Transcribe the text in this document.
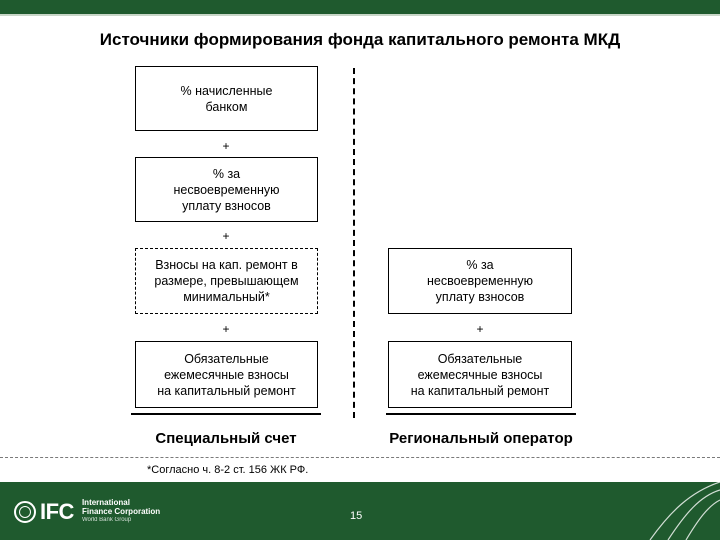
Источники формирования фонда капитального ремонта МКД
% начисленные
банком
+
% за
несвоевременную
уплату взносов
+
Взносы на кап. ремонт в
размере, превышающем
минимальный*
+
Обязательные
ежемесячные взносы
на капитальный ремонт
% за
несвоевременную
уплату взносов
+
Обязательные
ежемесячные взносы
на капитальный ремонт
Специальный счет	Региональный оператор
*Согласно ч. 8-2 ст. 156 ЖК РФ.
IFC International
Finance Corporation
World Bank Group	15
